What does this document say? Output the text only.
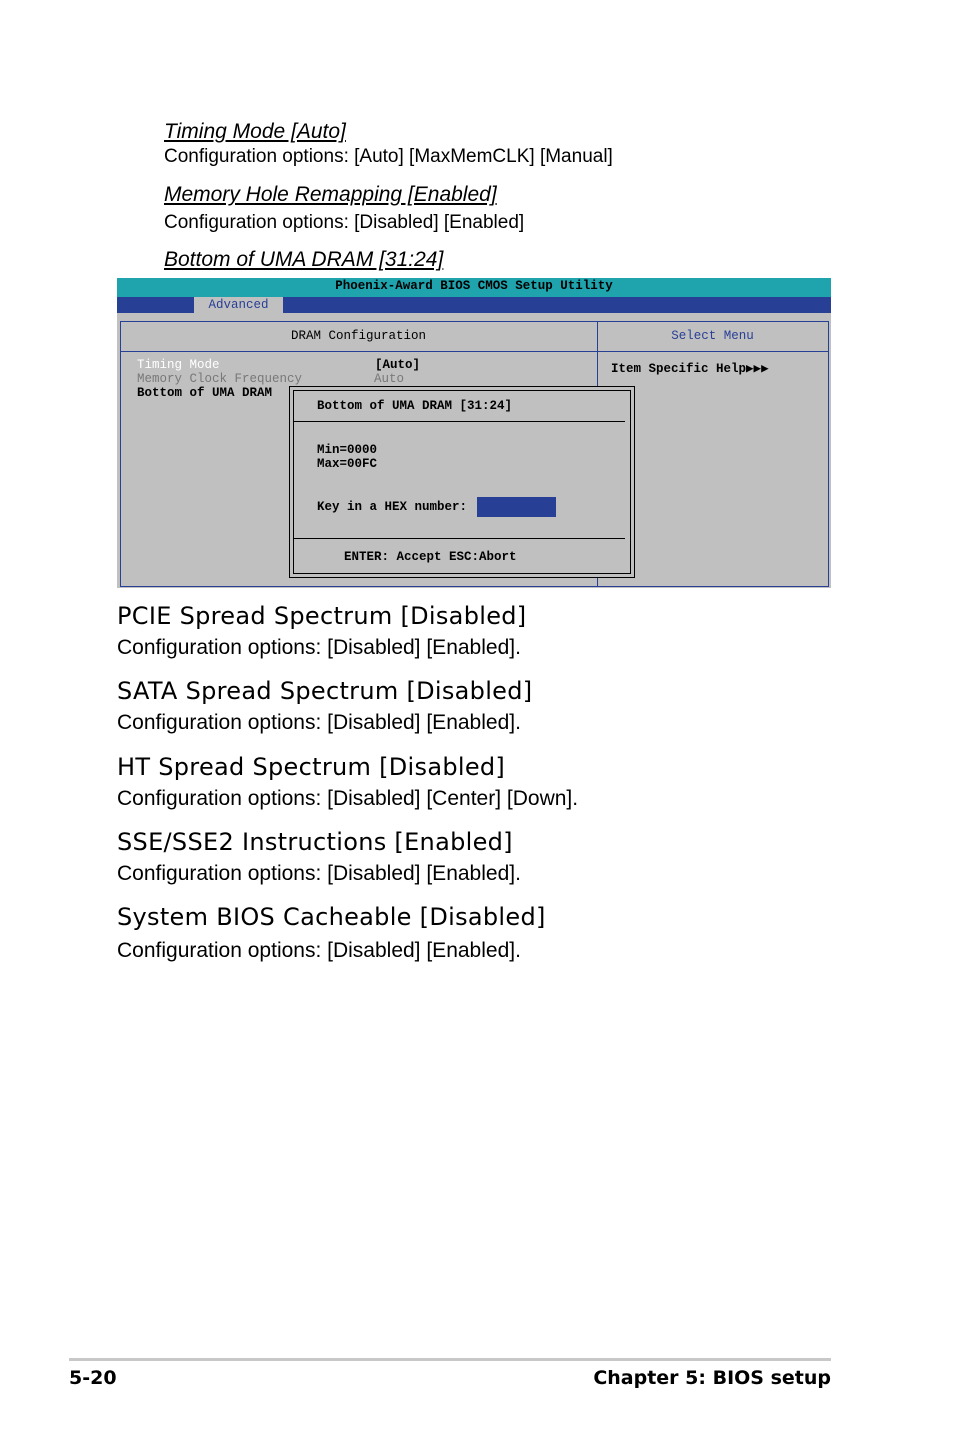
Timing Mode [Auto]
Configuration options: [Auto] [MaxMemCLK] [Manual]
Memory Hole Remapping [Enabled]
Configuration options: [Disabled] [Enabled]
Bottom of UMA DRAM [31:24]
Phoenix-Award BIOS CMOS Setup Utility
Advanced
DRAM Configuration	Select Menu
Item Specific Help▶▶▶
Timing Mode	[Auto]
Memory Clock Frequency	Auto
Bottom of UMA DRAM
Bottom of UMA DRAM [31:24]
Min=0000
Max=00FC
Key in a HEX number:
ENTER: Accept ESC:Abort
PCIE Spread Spectrum [Disabled]
Configuration options: [Disabled] [Enabled].
SATA Spread Spectrum [Disabled]
Configuration options: [Disabled] [Enabled].
HT Spread Spectrum [Disabled]
Configuration options: [Disabled] [Center] [Down].
SSE/SSE2 Instructions [Enabled]
Configuration options: [Disabled] [Enabled].
System BIOS Cacheable [Disabled]
Configuration options: [Disabled] [Enabled].
5-20	Chapter 5: BIOS setup
